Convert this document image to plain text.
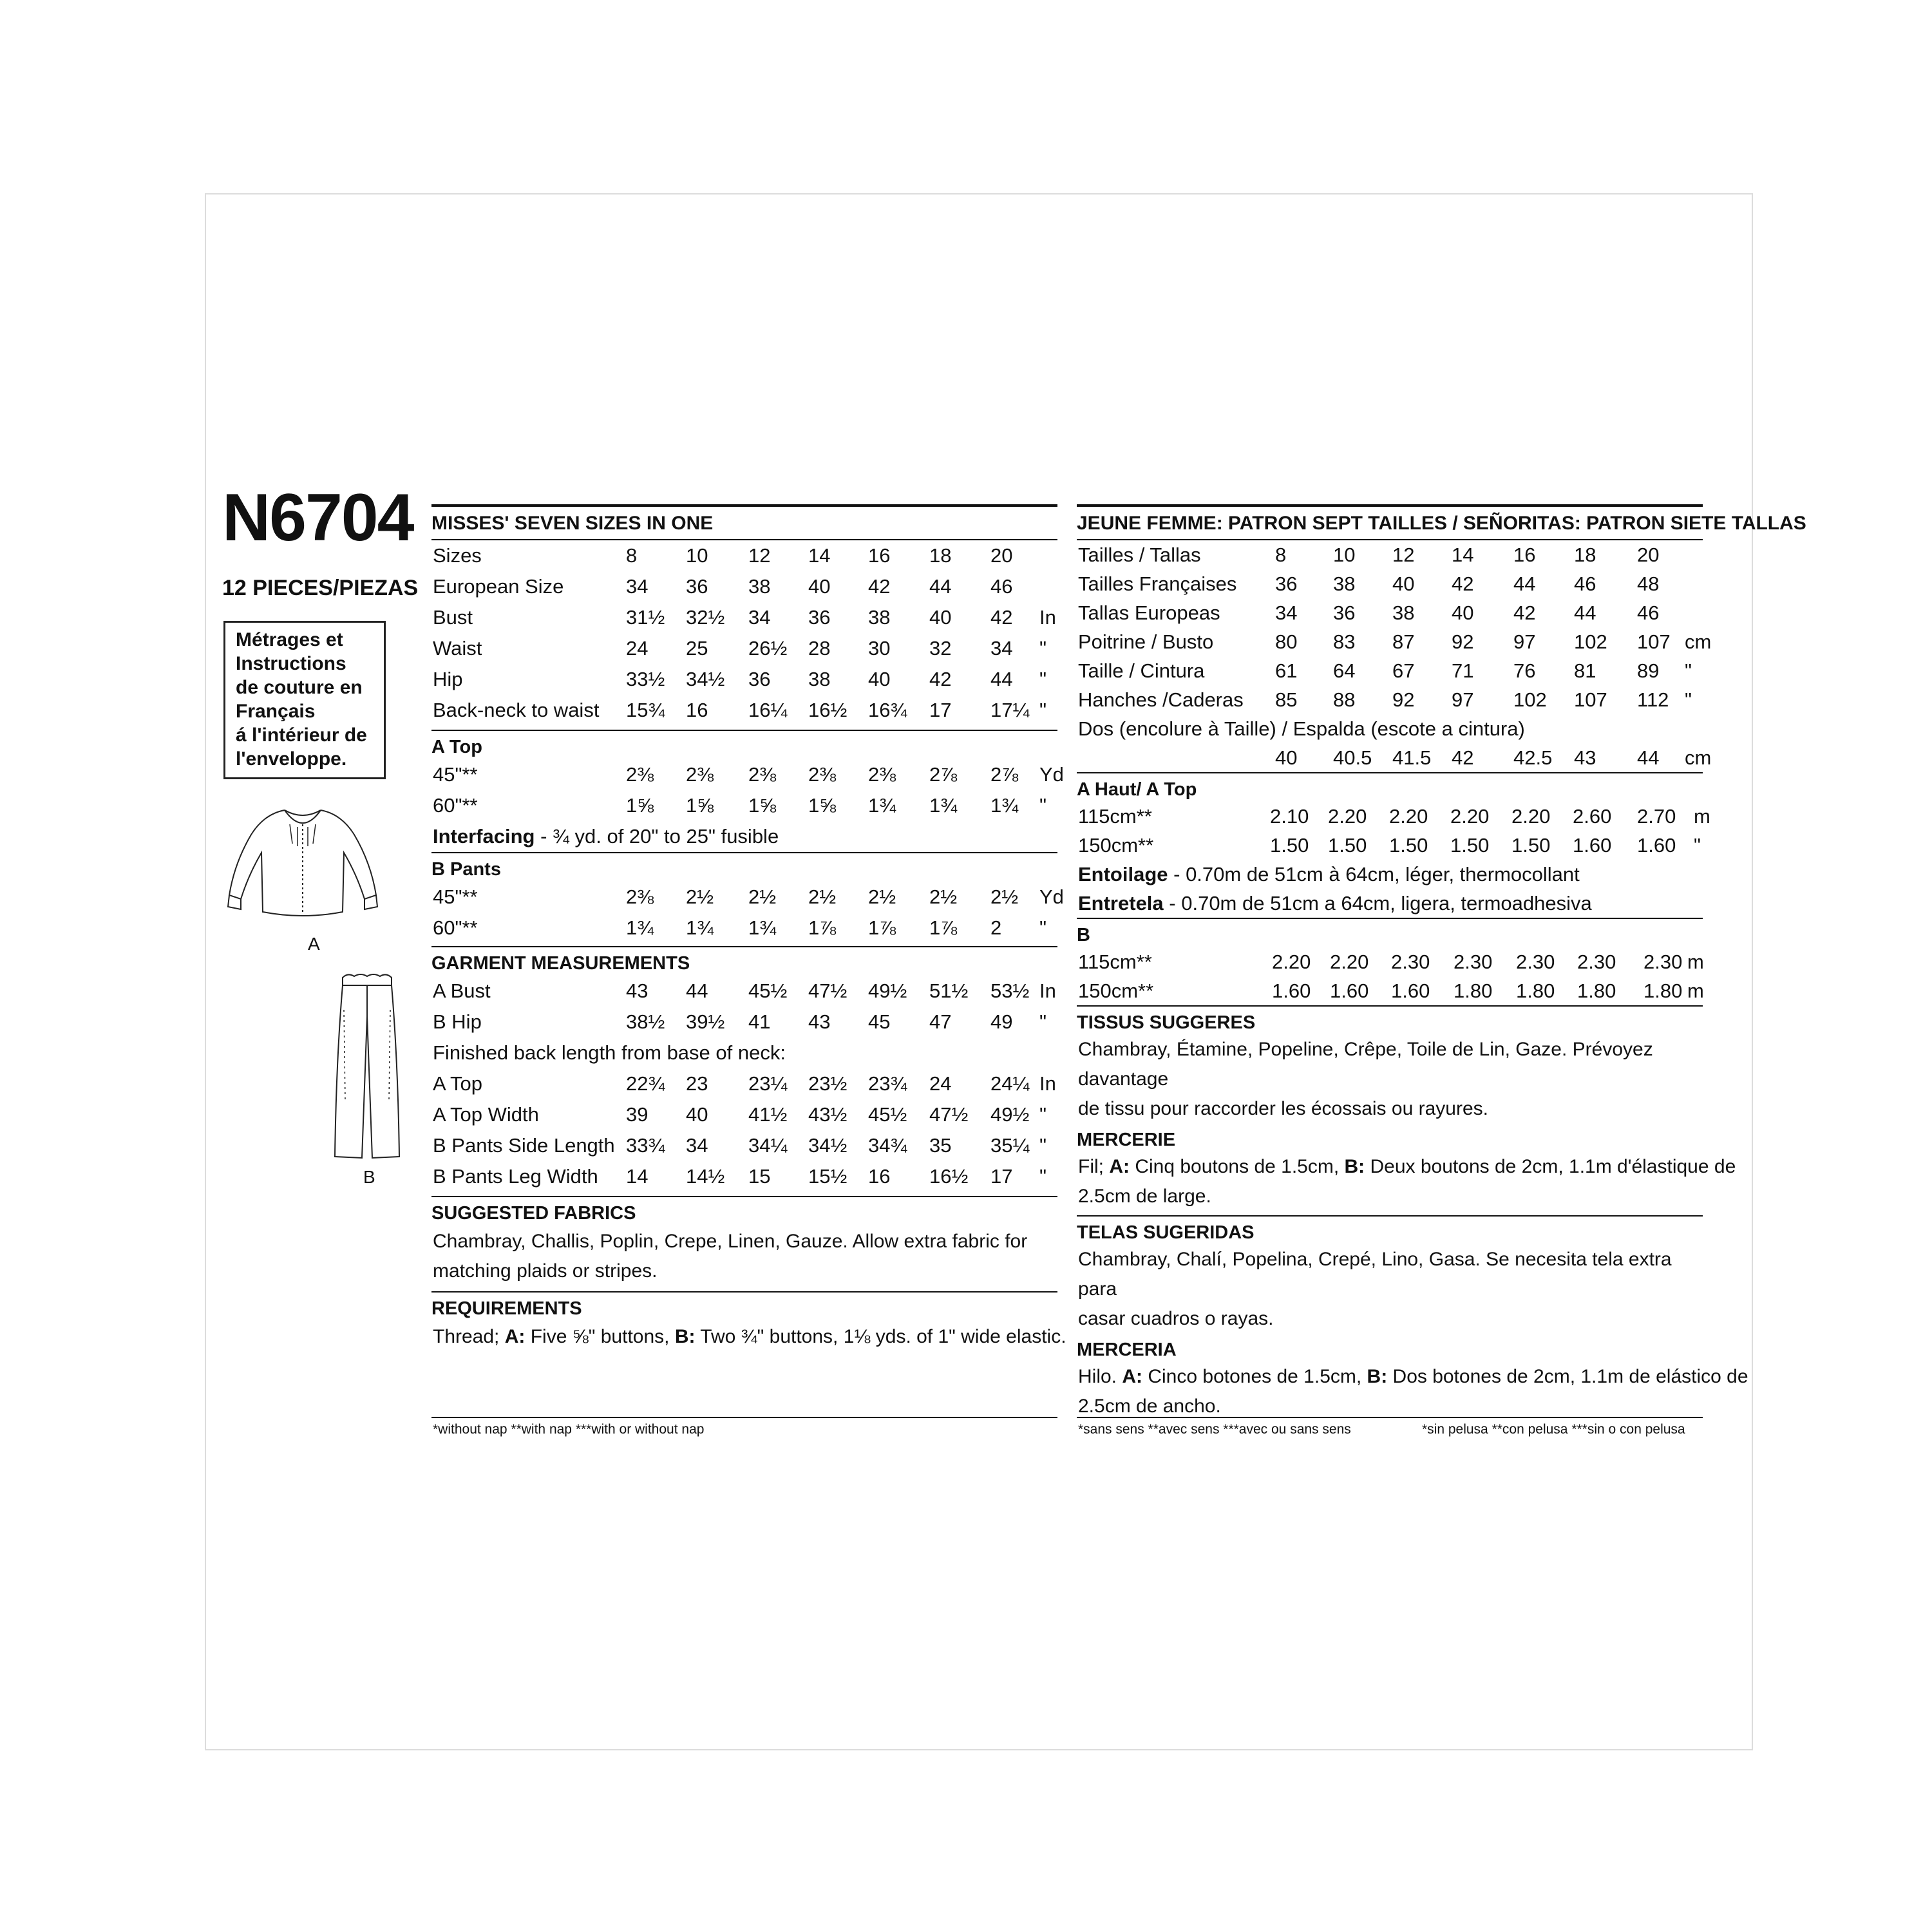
N6704
12 PIECES/PIEZAS
Métrages et
Instructions
de couture en
Français
á l'intérieur de
l'enveloppe.
A
B
MISSES' SEVEN SIZES IN ONE
Sizes	8 10 12 14 16 18 20
European Size	34 36 38 40 42 44 46
Bust	31½ 32½ 34 36 38 40 42 In
Waist	24 25 26½ 28 30 32 34 "
Hip	33½ 34½ 36 38 40 42 44 "
Back-neck to waist 15¾ 16 16¼ 16½ 16¾ 17 17¼ "
A Top
45"**	2⅜ 2⅜ 2⅜ 2⅜ 2⅜ 2⅞ 2⅞ Yd
60"**	1⅝ 1⅝ 1⅝ 1⅝ 1¾ 1¾ 1¾ "
Interfacing - ¾ yd. of 20" to 25" fusible
B Pants
45"**	2⅜ 2½ 2½ 2½ 2½ 2½ 2½ Yd
60"**	1¾ 1¾ 1¾ 1⅞ 1⅞ 1⅞ 2 "
GARMENT MEASUREMENTS
A Bust	43 44 45½ 47½ 49½ 51½ 53½ In
B Hip	38½ 39½ 41 43 45 47 49 "
Finished back length from base of neck:
A Top	22¾ 23 23¼ 23½ 23¾ 24 24¼ In
A Top Width	39 40 41½ 43½ 45½ 47½ 49½ "
B Pants Side Length 33¾ 34 34¼ 34½ 34¾ 35 35¼ "
B Pants Leg Width 14 14½ 15 15½ 16 16½ 17 "
SUGGESTED FABRICS
Chambray, Challis, Poplin, Crepe, Linen, Gauze. Allow extra fabric for
matching plaids or stripes.
REQUIREMENTS
Thread; A: Five ⅝" buttons, B: Two ¾" buttons, 1⅛ yds. of 1" wide elastic.
*without nap **with nap ***with or without nap
JEUNE FEMME: PATRON SEPT TAILLES / SEÑORITAS: PATRON SIETE TALLAS
Tailles / Tallas	8 10 12 14 16 18 20
Tailles Françaises 36 38 40 42 44 46 48
Tallas Europeas	34 36 38 40 42 44 46
Poitrine / Busto	80 83 87 92 97 102 107 cm
Taille / Cintura	61 64 67 71 76 81 89 "
Hanches /Caderas 85 88 92 97 102 107 112 "
Dos (encolure à Taille) / Espalda (escote a cintura)
40 40.5 41.5 42 42.5 43 44 cm
A Haut/ A Top
115cm**	2.10 2.20 2.20 2.20 2.20 2.60 2.70 m
150cm**	1.50 1.50 1.50 1.50 1.50 1.60 1.60 "
Entoilage - 0.70m de 51cm à 64cm, léger, thermocollant
Entretela - 0.70m de 51cm a 64cm, ligera, termoadhesiva
B
115cm**	2.20 2.20 2.30 2.30 2.30 2.30 2.30 m
150cm**	1.60 1.60 1.60 1.80 1.80 1.80 1.80 m
TISSUS SUGGERES
Chambray, Étamine, Popeline, Crêpe, Toile de Lin, Gaze. Prévoyez davantage
de tissu pour raccorder les écossais ou rayures.
MERCERIE
Fil; A: Cinq boutons de 1.5cm, B: Deux boutons de 2cm, 1.1m d'élastique de
2.5cm de large.
TELAS SUGERIDAS
Chambray, Chalí, Popelina, Crepé, Lino, Gasa. Se necesita tela extra para
casar cuadros o rayas.
MERCERIA
Hilo. A: Cinco botones de 1.5cm, B: Dos botones de 2cm, 1.1m de elástico de
2.5cm de ancho.
*sans sens **avec sens ***avec ou sans sens	*sin pelusa **con pelusa ***sin o con pelusa
